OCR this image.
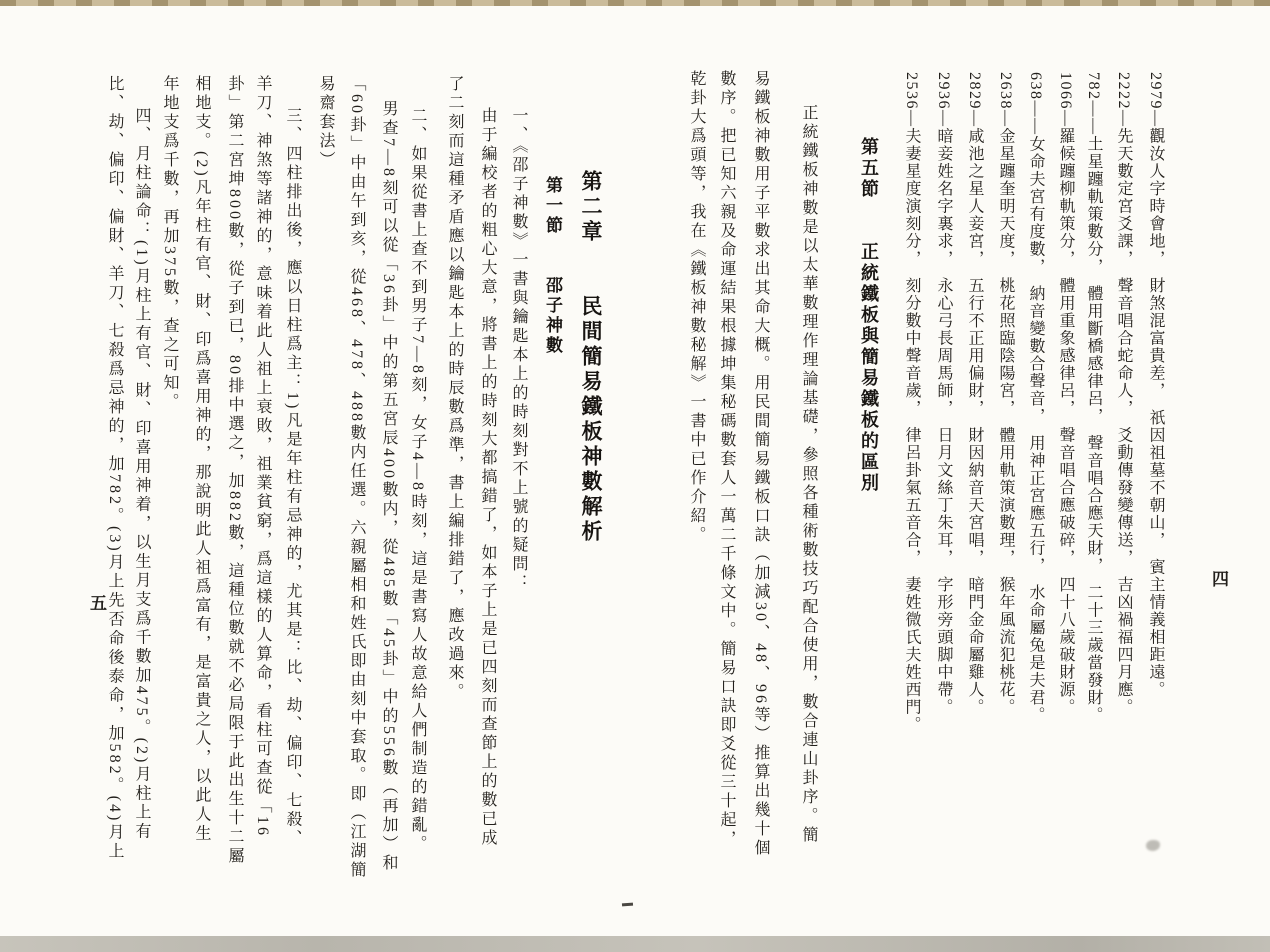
四
2979—觀汝人字時會地，　財煞混富貴差，　祇因祖墓不朝山，　賓主情義相距遠。
2222—先天數定宮爻課，　聲音唱合蛇命人，　爻動傳發變傳送，　吉凶禍福四月應。
782——土星躔軌策數分，　體用斷橋感律呂，　聲音唱合應天財，　二十三歲當發財。
1066—羅候躔柳軌策分，　體用重象感律呂，　聲音唱合應破碎，　四十八歲破財源。
638——女命夫宮有度數，　納音變數合聲音，　用神正宮應五行，　水命屬兔是夫君。
2638—金星躔奎明天度，　桃花照臨陰陽宮，　體用軌策演數理，　猴年風流犯桃花。
2829—咸池之星人妾宮，　五行不正用偏財，　財因納音天宮唱，　暗門金命屬雞人。
2936—暗妾姓名字裏求，　永心弓長周馬師，　日月文絲丁朱耳，　字形旁頭脚中帶。
2536—夫妻星度演刻分，　刻分數中聲音歲，　律呂卦氣五音合，　妻姓微氏夫姓西門。
第五節　　正統鐵板與簡易鐵板的區別
正統鐵板神數是以太華數理作理論基礎，參照各種術數技巧配合使用，數合連山卦序。簡
易鐵板神數用子平數求出其命大概。用民間簡易鐵板口訣（加減30、48、96等）推算出幾十個
數序。把已知六親及命運結果根據坤集秘碼數套人一萬二千條文中。簡易口訣即爻從三十起，
乾卦大爲頭等，我在《鐵板神數秘解》一書中已作介紹。
第二章　　民間簡易鐵板神數解析
第一節　　邵子神數
一、《邵子神數》一書與鑰匙本上的時刻對不上號的疑問：
由于編校者的粗心大意，將書上的時刻大都搞錯了，如本子上是已四刻而查節上的數已成
了二刻而這種矛盾應以鑰匙本上的時辰數爲準，書上編排錯了，應改過來。
二、如果從書上查不到男子7—8刻，女子4—8時刻，這是書寫人故意給人們制造的錯亂。
男查7—8刻可以從「36卦」中的第五宮辰400數内，從485數「45卦」中的556數（再加）和
「60卦」中由午到亥，從468、478、488數内任選。六親屬相和姓氏即由刻中套取。即（江湖簡
易齋套法）
三、四柱排出後，應以日柱爲主：1)凡是年柱有忌神的，尤其是：比、劫、偏印、七殺、
羊刀、神煞等諸神的，意味着此人祖上衰敗，祖業貧窮，爲這樣的人算命，看柱可查從「16
卦」第二宮坤800數，從子到已，80排中選之，加882數，這種位數就不必局限于此出生十二屬
相地支。(2)凡年柱有官、財、印爲喜用神的，那說明此人祖爲富有，是富貴之人，以此人生
年地支爲千數，再加375數，查之可知。
四、月柱論命：(1)月柱上有官、財、印喜用神着，以生月支爲千數加475。(2)月柱上有
比、劫、偏印、偏財、羊刀、七殺爲忌神的，加782。(3)月上先否命後泰命，加582。(4)月上
五
